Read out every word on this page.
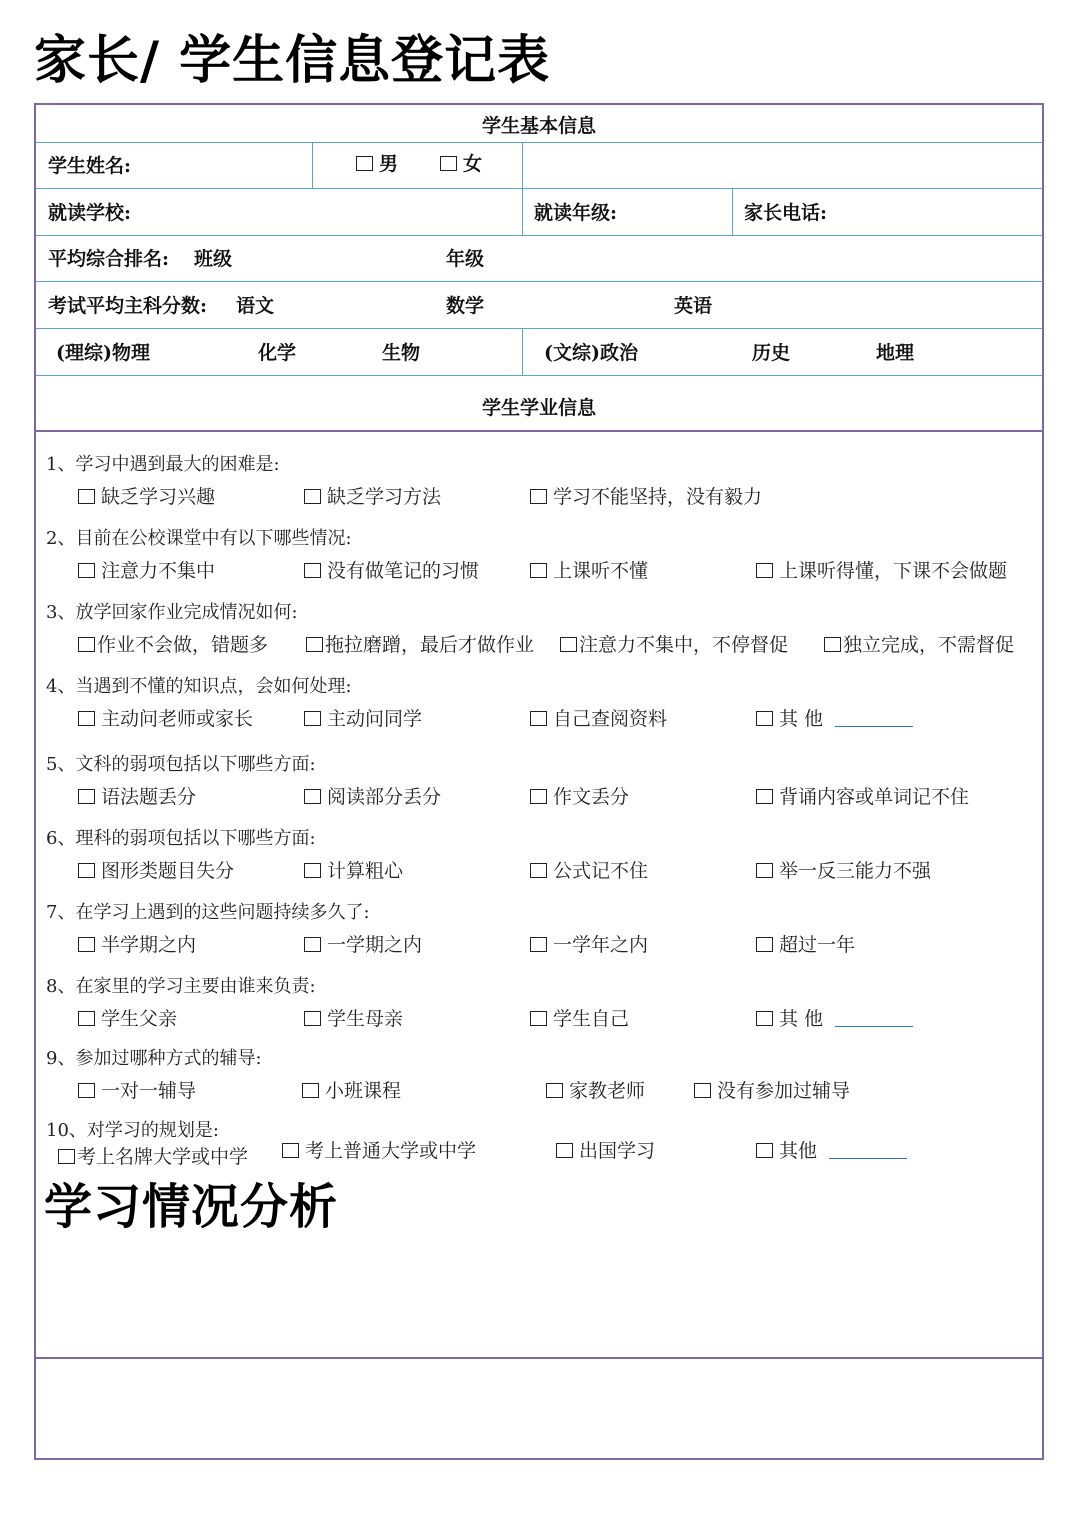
家长/ 学生信息登记表
学生基本信息
学生姓名:	男	女
就读学校:	就读年级:	家长电话:
平均综合排名: 班级	年级
考试平均主科分数: 语文	数学	英语
(理综)物理	化学	生物	(文综)政治	历史	地理
学生学业信息
1、学习中遇到最大的困难是:
缺乏学习兴趣	缺乏学习方法	学习不能坚持，没有毅力
2、目前在公校课堂中有以下哪些情况:
注意力不集中	没有做笔记的习惯	上课听不懂	上课听得懂，下课不会做题
3、放学回家作业完成情况如何:
作业不会做，错题多	拖拉磨蹭，最后才做作业	注意力不集中，不停督促	独立完成，不需督促
4、当遇到不懂的知识点，会如何处理:
主动问老师或家长	主动问同学	自己查阅资料	其 他
5、文科的弱项包括以下哪些方面:
语法题丢分	阅读部分丢分	作文丢分	背诵内容或单词记不住
6、理科的弱项包括以下哪些方面:
图形类题目失分	计算粗心	公式记不住	举一反三能力不强
7、在学习上遇到的这些问题持续多久了:
半学期之内	一学期之内	一学年之内	超过一年
8、在家里的学习主要由谁来负责:
学生父亲	学生母亲	学生自己	其 他
9、参加过哪种方式的辅导:
一对一辅导	小班课程	家教老师	没有参加过辅导
10、对学习的规划是:
考上名牌大学或中学	考上普通大学或中学	出国学习	其他
学习情况分析
